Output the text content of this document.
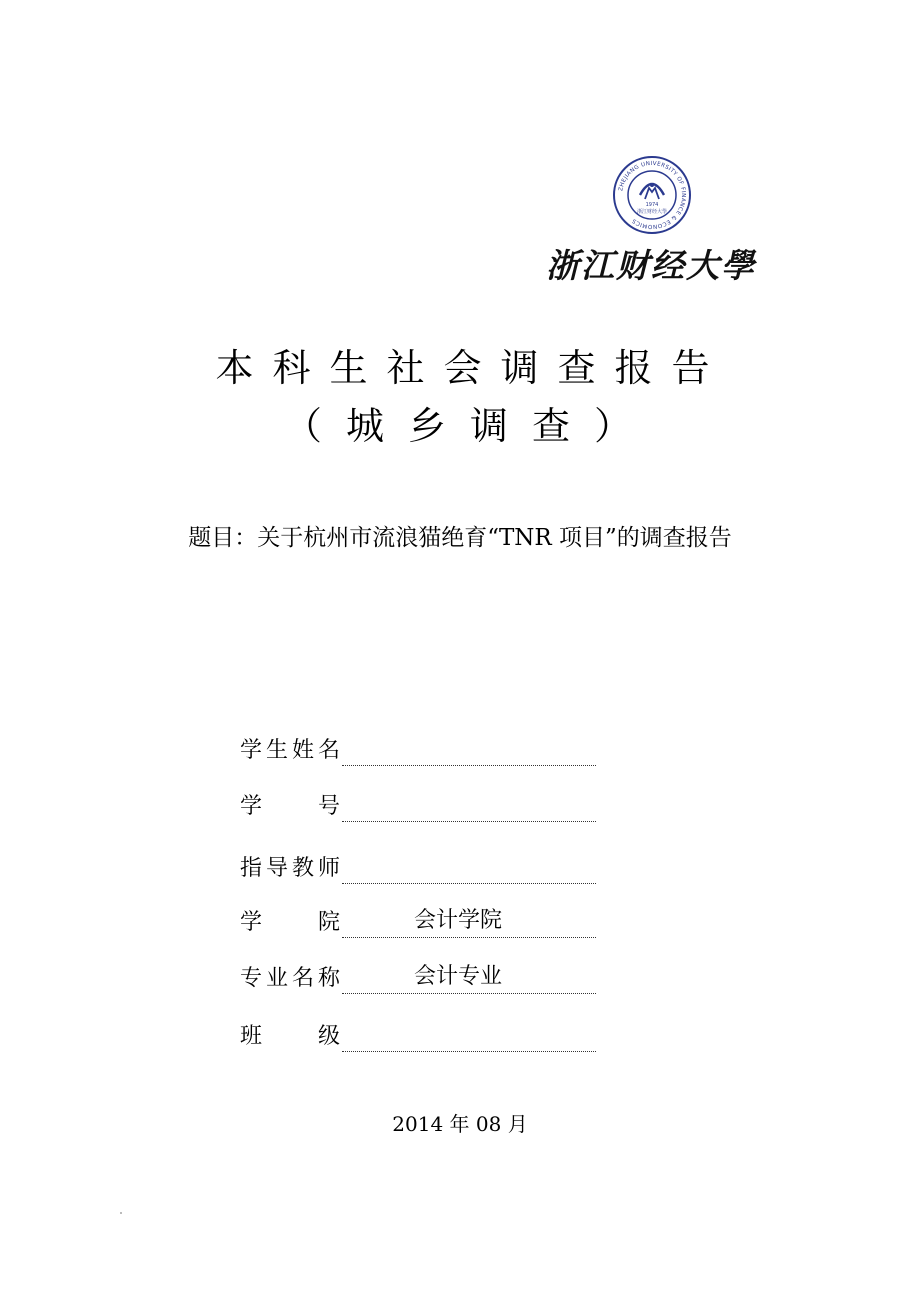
ZHEJIANG UNIVERSITY OF FINANCE & ECONOMICS
1974
浙江财经大學
浙江财经大學
本科生社会调查报告
（城乡调查）
题目：关于杭州市流浪猫绝育“TNR 项目”的调查报告
学 生 姓 名
学	号
指 导 教 师
学	院	会计学院
专 业 名 称	会计专业
班	级
2014 年 08 月
